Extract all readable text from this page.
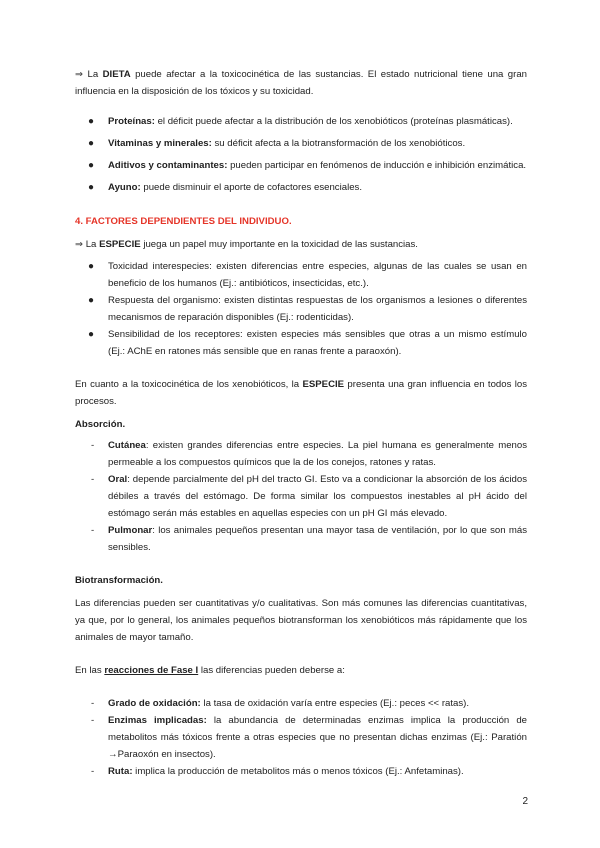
⇒ La DIETA puede afectar a la toxicocinética de las sustancias. El estado nutricional tiene una gran influencia en la disposición de los tóxicos y su toxicidad.

● Proteínas: el déficit puede afectar a la distribución de los xenobióticos (proteínas plasmáticas).
● Vitaminas y minerales: su déficit afecta a la biotransformación de los xenobióticos.
● Aditivos y contaminantes: pueden participar en fenómenos de inducción e inhibición enzimática.
● Ayuno: puede disminuir el aporte de cofactores esenciales.

4. FACTORES DEPENDIENTES DEL INDIVIDUO.

⇒ La ESPECIE juega un papel muy importante en la toxicidad de las sustancias.

● Toxicidad interespecies: existen diferencias entre especies, algunas de las cuales se usan en beneficio de los humanos (Ej.: antibióticos, insecticidas, etc.).
● Respuesta del organismo: existen distintas respuestas de los organismos a lesiones o diferentes mecanismos de reparación disponibles (Ej.: rodenticidas).
● Sensibilidad de los receptores: existen especies más sensibles que otras a un mismo estímulo (Ej.: AChE en ratones más sensible que en ranas frente a paraoxón).

En cuanto a la toxicocinética de los xenobióticos, la ESPECIE presenta una gran influencia en todos los procesos.

Absorción.

- Cutánea: existen grandes diferencias entre especies. La piel humana es generalmente menos permeable a los compuestos químicos que la de los conejos, ratones y ratas.
- Oral: depende parcialmente del pH del tracto GI. Esto va a condicionar la absorción de los ácidos débiles a través del estómago. De forma similar los compuestos inestables al pH ácido del estómago serán más estables en aquellas especies con un pH GI más elevado.
- Pulmonar: los animales pequeños presentan una mayor tasa de ventilación, por lo que son más sensibles.

Biotransformación.

Las diferencias pueden ser cuantitativas y/o cualitativas. Son más comunes las diferencias cuantitativas, ya que, por lo general, los animales pequeños biotransforman los xenobióticos más rápidamente que los animales de mayor tamaño.

En las reacciones de Fase I las diferencias pueden deberse a:

- Grado de oxidación: la tasa de oxidación varía entre especies (Ej.: peces << ratas).
- Enzimas implicadas: la abundancia de determinadas enzimas implica la producción de metabolitos más tóxicos frente a otras especies que no presentan dichas enzimas (Ej.: Paratión →Paraoxón en insectos).
- Ruta: implica la producción de metabolitos más o menos tóxicos (Ej.: Anfetaminas).
2
